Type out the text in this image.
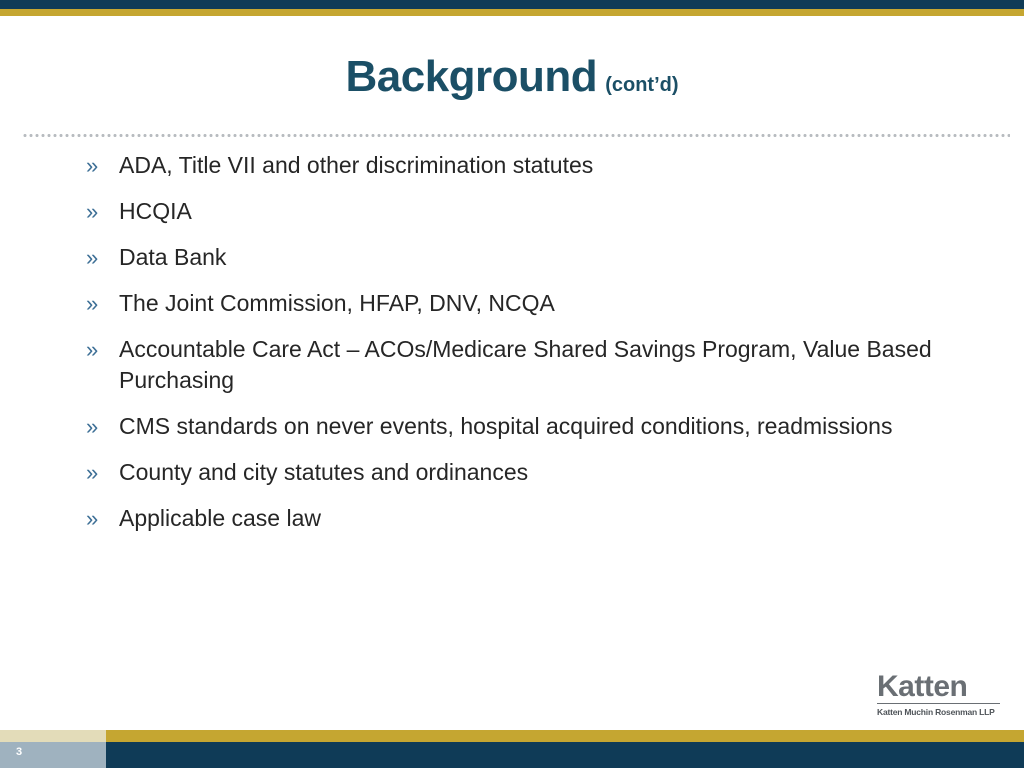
Background (cont’d)
» ADA, Title VII and other discrimination statutes
» HCQIA
» Data Bank
» The Joint Commission, HFAP, DNV, NCQA
» Accountable Care Act – ACOs/Medicare Shared Savings Program, Value Based Purchasing
» CMS standards on never events, hospital acquired conditions, readmissions
» County and city statutes and ordinances
» Applicable case law
Katten
Katten Muchin Rosenman LLP
3
